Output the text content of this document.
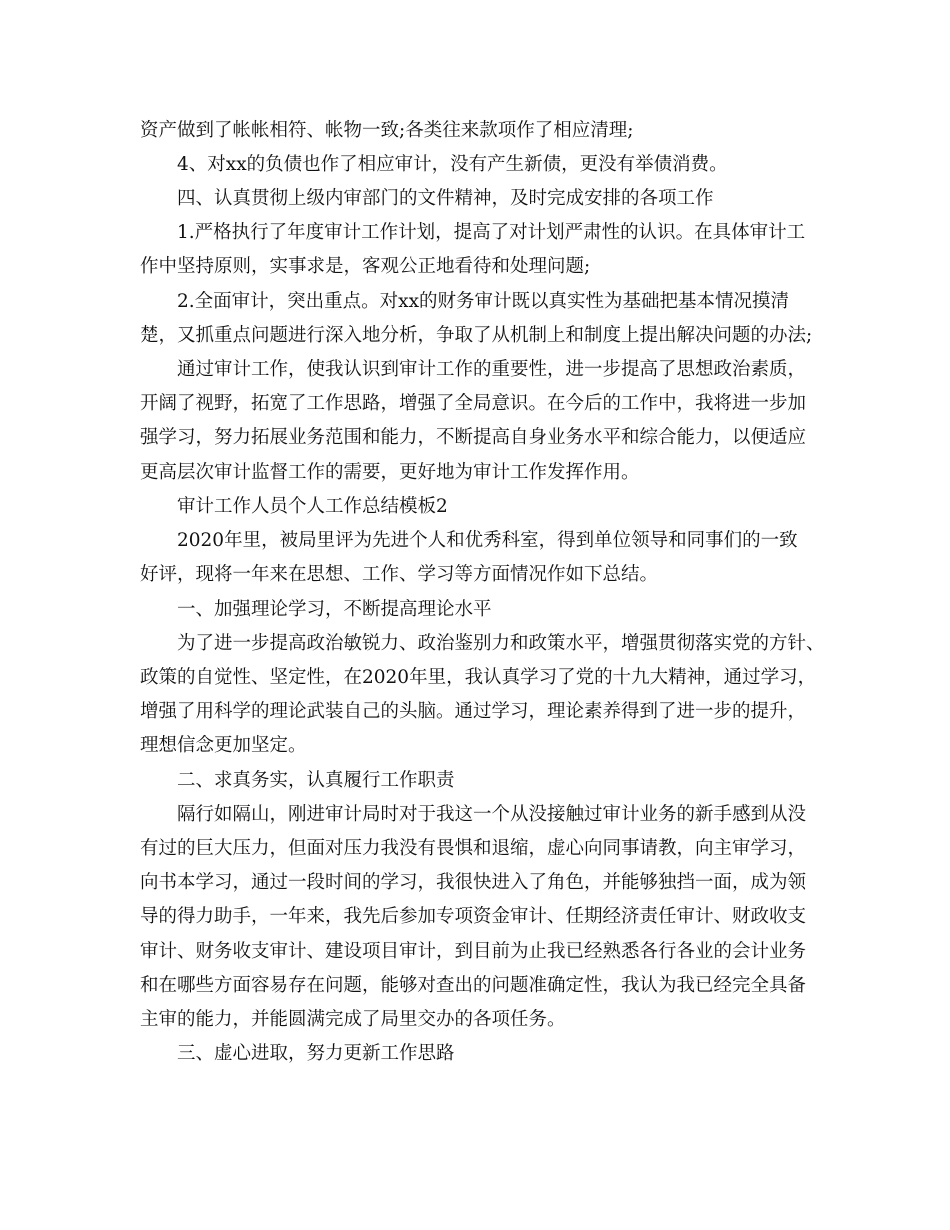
资产做到了帐帐相符、帐物一致;各类往来款项作了相应清理;
4、对xx的负债也作了相应审计，没有产生新债，更没有举债消费。
四、认真贯彻上级内审部门的文件精神，及时完成安排的各项工作
1.严格执行了年度审计工作计划，提高了对计划严肃性的认识。在具体审计工
作中坚持原则，实事求是，客观公正地看待和处理问题;
2.全面审计，突出重点。对xx的财务审计既以真实性为基础把基本情况摸清
楚，又抓重点问题进行深入地分析，争取了从机制上和制度上提出解决问题的办法;
通过审计工作，使我认识到审计工作的重要性，进一步提高了思想政治素质，
开阔了视野，拓宽了工作思路，增强了全局意识。在今后的工作中，我将进一步加
强学习，努力拓展业务范围和能力，不断提高自身业务水平和综合能力，以便适应
更高层次审计监督工作的需要，更好地为审计工作发挥作用。
审计工作人员个人工作总结模板2
2020年里，被局里评为先进个人和优秀科室，得到单位领导和同事们的一致
好评，现将一年来在思想、工作、学习等方面情况作如下总结。
一、加强理论学习，不断提高理论水平
为了进一步提高政治敏锐力、政治鉴别力和政策水平，增强贯彻落实党的方针、
政策的自觉性、坚定性，在2020年里，我认真学习了党的十九大精神，通过学习，
增强了用科学的理论武装自己的头脑。通过学习，理论素养得到了进一步的提升，
理想信念更加坚定。
二、求真务实，认真履行工作职责
隔行如隔山，刚进审计局时对于我这一个从没接触过审计业务的新手感到从没
有过的巨大压力，但面对压力我没有畏惧和退缩，虚心向同事请教，向主审学习，
向书本学习，通过一段时间的学习，我很快进入了角色，并能够独挡一面，成为领
导的得力助手，一年来，我先后参加专项资金审计、任期经济责任审计、财政收支
审计、财务收支审计、建设项目审计，到目前为止我已经熟悉各行各业的会计业务
和在哪些方面容易存在问题，能够对查出的问题准确定性，我认为我已经完全具备
主审的能力，并能圆满完成了局里交办的各项任务。
三、虚心进取，努力更新工作思路
